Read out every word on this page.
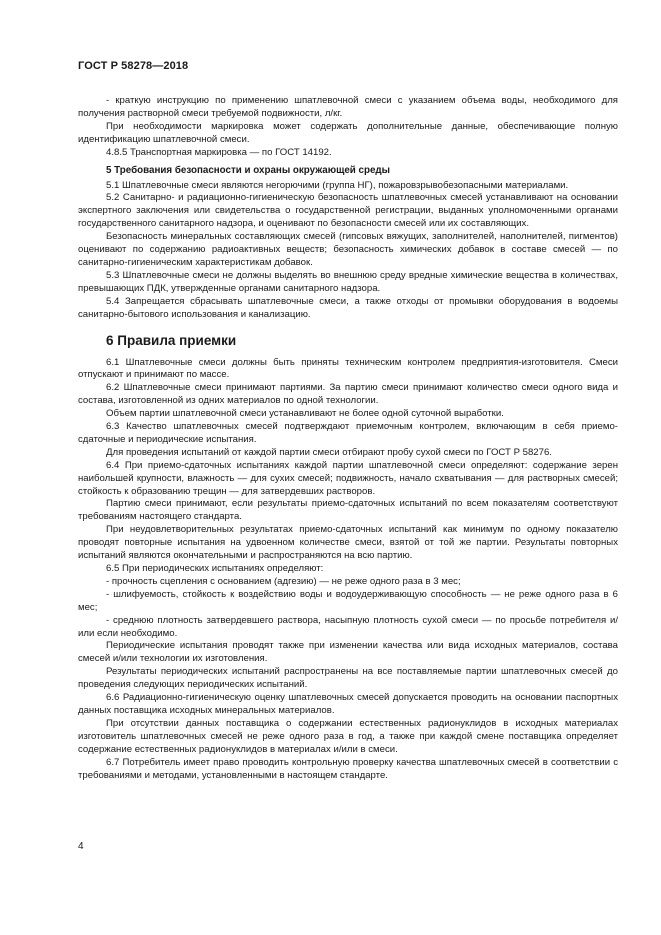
ГОСТ Р 58278—2018

- краткую инструкцию по применению шпатлевочной смеси с указанием объема воды, необходимого для получения растворной смеси требуемой подвижности, л/кг.

При необходимости маркировка может содержать дополнительные данные, обеспечивающие полную идентификацию шпатлевочной смеси.

4.8.5 Транспортная маркировка — по ГОСТ 14192.

5 Требования безопасности и охраны окружающей среды

5.1 Шпатлевочные смеси являются негорючими (группа НГ), пожаровзрывобезопасными материалами.

5.2 Санитарно- и радиационно-гигиеническую безопасность шпатлевочных смесей устанавливают на основании экспертного заключения или свидетельства о государственной регистрации, выданных уполномоченными органами государственного санитарного надзора, и оценивают по безопасности смесей или их составляющих.

Безопасность минеральных составляющих смесей (гипсовых вяжущих, заполнителей, наполнителей, пигментов) оценивают по содержанию радиоактивных веществ; безопасность химических добавок в составе смесей — по санитарно-гигиеническим характеристикам добавок.

5.3 Шпатлевочные смеси не должны выделять во внешнюю среду вредные химические вещества в количествах, превышающих ПДК, утвержденные органами санитарного надзора.

5.4 Запрещается сбрасывать шпатлевочные смеси, а также отходы от промывки оборудования в водоемы санитарно-бытового использования и канализацию.

6 Правила приемки

6.1 Шпатлевочные смеси должны быть приняты техническим контролем предприятия-изготовителя. Смеси отпускают и принимают по массе.

6.2 Шпатлевочные смеси принимают партиями. За партию смеси принимают количество смеси одного вида и состава, изготовленной из одних материалов по одной технологии.

Объем партии шпатлевочной смеси устанавливают не более одной суточной выработки.

6.3 Качество шпатлевочных смесей подтверждают приемочным контролем, включающим в себя приемо-сдаточные и периодические испытания.

Для проведения испытаний от каждой партии смеси отбирают пробу сухой смеси по ГОСТ Р 58276.

6.4 При приемо-сдаточных испытаниях каждой партии шпатлевочной смеси определяют: содержание зерен наибольшей крупности, влажность — для сухих смесей; подвижность, начало схватывания — для растворных смесей; стойкость к образованию трещин — для затвердевших растворов.

Партию смеси принимают, если результаты приемо-сдаточных испытаний по всем показателям соответствуют требованиям настоящего стандарта.

При неудовлетворительных результатах приемо-сдаточных испытаний как минимум по одному показателю проводят повторные испытания на удвоенном количестве смеси, взятой от той же партии. Результаты повторных испытаний являются окончательными и распространяются на всю партию.

6.5 При периодических испытаниях определяют:

- прочность сцепления с основанием (адгезию) — не реже одного раза в 3 мес;

- шлифуемость, стойкость к воздействию воды и водоудерживающую способность — не реже одного раза в 6 мес;

- среднюю плотность затвердевшего раствора, насыпную плотность сухой смеси — по просьбе потребителя и/или если необходимо.

Периодические испытания проводят также при изменении качества или вида исходных материалов, состава смесей и/или технологии их изготовления.

Результаты периодических испытаний распространены на все поставляемые партии шпатлевочных смесей до проведения следующих периодических испытаний.

6.6 Радиационно-гигиеническую оценку шпатлевочных смесей допускается проводить на основании паспортных данных поставщика исходных минеральных материалов.

При отсутствии данных поставщика о содержании естественных радионуклидов в исходных материалах изготовитель шпатлевочных смесей не реже одного раза в год, а также при каждой смене поставщика определяет содержание естественных радионуклидов в материалах и/или в смеси.

6.7 Потребитель имеет право проводить контрольную проверку качества шпатлевочных смесей в соответствии с требованиями и методами, установленными в настоящем стандарте.

4
